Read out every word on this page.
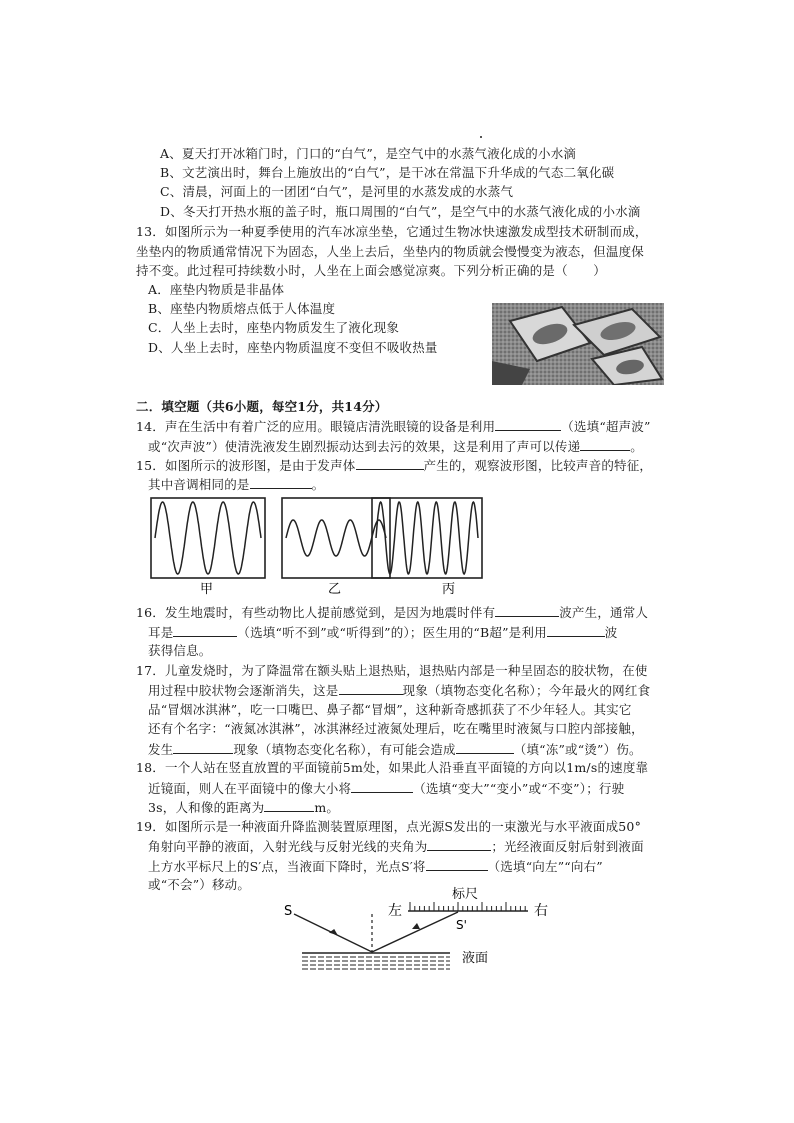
A、夏天打开冰箱门时，门口的“白气”，是空气中的水蒸气液化成的小水滴
B、文艺演出时，舞台上施放出的“白气”，是干冰在常温下升华成的气态二氧化碳
C、清晨，河面上的一团团“白气”，是河里的水蒸发成的水蒸气
D、冬天打开热水瓶的盖子时，瓶口周围的“白气”，是空气中的水蒸气液化成的小水滴
13．如图所示为一种夏季使用的汽车冰凉坐垫，它通过生物冰快速激发成型技术研制而成，
坐垫内的物质通常情况下为固态，人坐上去后，坐垫内的物质就会慢慢变为液态，但温度保
持不变。此过程可持续数小时，人坐在上面会感觉凉爽。下列分析正确的是（　　）
A．座垫内物质是非晶体
B、座垫内物质熔点低于人体温度
C．人坐上去时，座垫内物质发生了液化现象
D、人坐上去时，座垫内物质温度不变但不吸收热量
二．填空题（共6小题，每空1分，共14分）
14．声在生活中有着广泛的应用。眼镜店清洗眼镜的设备是利用	（选填“超声波”
或“次声波”）使清洗液发生剧烈振动达到去污的效果，这是利用了声可以传递	。
15．如图所示的波形图，是由于发声体	产生的，观察波形图，比较声音的特征，
其中音调相同的是	。
甲	乙	丙
16．发生地震时，有些动物比人提前感觉到，是因为地震时伴有	波产生，通常人
耳是	（选填“听不到”或“听得到”的）；医生用的“B超”是利用	波
获得信息。
17．儿童发烧时，为了降温常在额头贴上退热贴，退热贴内部是一种呈固态的胶状物，在使
用过程中胶状物会逐渐消失，这是	现象（填物态变化名称）；今年最火的网红食
品“冒烟冰淇淋”，吃一口嘴巴、鼻子都“冒烟”，这种新奇感抓获了不少年轻人。其实它
还有个名字：“液氮冰淇淋”，冰淇淋经过液氮处理后，吃在嘴里时液氮与口腔内部接触，
发生	现象（填物态变化名称），有可能会造成	（填“冻”或“烫”）伤。
18．一个人站在竖直放置的平面镜前5m处，如果此人沿垂直平面镜的方向以1m/s的速度靠
近镜面，则人在平面镜中的像大小将	（选填“变大”“变小”或“不变”）；行驶
3s，人和像的距离为	m。
19．如图所示是一种液面升降监测装置原理图，点光源S发出的一束激光与水平液面成50°
角射向平静的液面，入射光线与反射光线的夹角为	；光经液面反射后射到液面
上方水平标尺上的S′点，当液面下降时，光点S′将	（选填“向左”“向右”
或“不会”）移动。
标尺
左	右
S
S'
液面
